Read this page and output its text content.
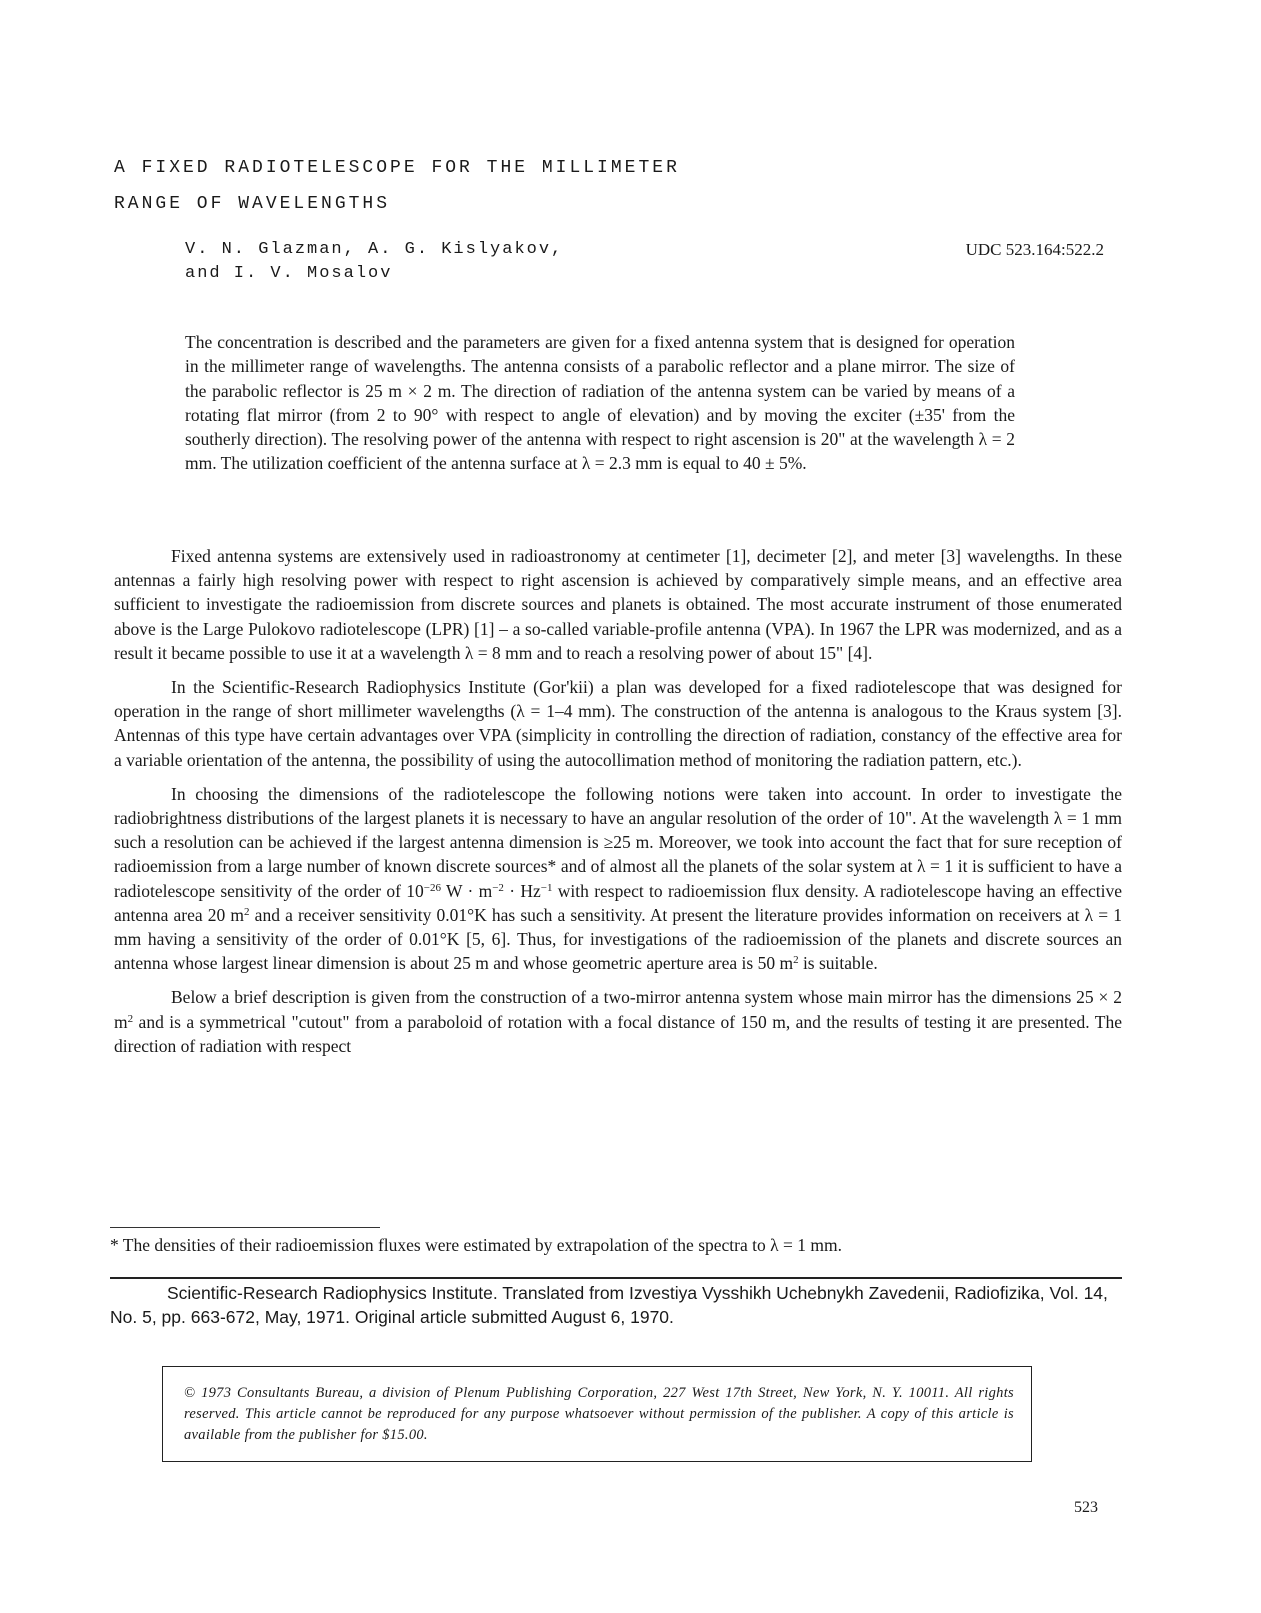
A FIXED RADIOTELESCOPE FOR THE MILLIMETER
RANGE OF WAVELENGTHS
V. N. Glazman, A. G. Kislyakov,
and I. V. Mosalov
UDC 523.164:522.2

The concentration is described and the parameters are given for a fixed antenna system that is designed for operation in the millimeter range of wavelengths. The antenna consists of a parabolic reflector and a plane mirror. The size of the parabolic reflector is 25 m × 2 m. The direction of radiation of the antenna system can be varied by means of a rotating flat mirror (from 2 to 90° with respect to angle of elevation) and by moving the exciter (±35' from the southerly direction). The resolving power of the antenna with respect to right ascension is 20" at the wavelength λ = 2 mm. The utilization coefficient of the antenna surface at λ = 2.3 mm is equal to 40 ± 5%.

Fixed antenna systems are extensively used in radioastronomy at centimeter [1], decimeter [2], and meter [3] wavelengths. In these antennas a fairly high resolving power with respect to right ascension is achieved by comparatively simple means, and an effective area sufficient to investigate the radioemission from discrete sources and planets is obtained. The most accurate instrument of those enumerated above is the Large Pulokovo radiotelescope (LPR) [1] – a so-called variable-profile antenna (VPA). In 1967 the LPR was modernized, and as a result it became possible to use it at a wavelength λ = 8 mm and to reach a resolving power of about 15" [4].

In the Scientific-Research Radiophysics Institute (Gor'kii) a plan was developed for a fixed radiotelescope that was designed for operation in the range of short millimeter wavelengths (λ = 1–4 mm). The construction of the antenna is analogous to the Kraus system [3]. Antennas of this type have certain advantages over VPA (simplicity in controlling the direction of radiation, constancy of the effective area for a variable orientation of the antenna, the possibility of using the autocollimation method of monitoring the radiation pattern, etc.).

In choosing the dimensions of the radiotelescope the following notions were taken into account. In order to investigate the radiobrightness distributions of the largest planets it is necessary to have an angular resolution of the order of 10". At the wavelength λ = 1 mm such a resolution can be achieved if the largest antenna dimension is ≥25 m. Moreover, we took into account the fact that for sure reception of radioemission from a large number of known discrete sources* and of almost all the planets of the solar system at λ = 1 it is sufficient to have a radiotelescope sensitivity of the order of $10^{-26}$ $W \cdot m^{-2} \cdot Hz^{-1}$ with respect to radioemission flux density. A radiotelescope having an effective antenna area 20 $m^2$ and a receiver sensitivity 0.01°K has such a sensitivity. At present the literature provides information on receivers at λ = 1 mm having a sensitivity of the order of 0.01°K [5, 6]. Thus, for investigations of the radioemission of the planets and discrete sources an antenna whose largest linear dimension is about 25 m and whose geometric aperture area is 50 $m^2$ is suitable.

Below a brief description is given from the construction of a two-mirror antenna system whose main mirror has the dimensions 25 × 2 $m^2$ and is a symmetrical "cutout" from a paraboloid of rotation with a focal distance of 150 m, and the results of testing it are presented. The direction of radiation with respect

* The densities of their radioemission fluxes were estimated by extrapolation of the spectra to λ = 1 mm.

Scientific-Research Radiophysics Institute. Translated from Izvestiya Vysshikh Uchebnykh Zavedenii, Radiofizika, Vol. 14, No. 5, pp. 663-672, May, 1971. Original article submitted August 6, 1970.

© 1973 Consultants Bureau, a division of Plenum Publishing Corporation, 227 West 17th Street, New York, N. Y. 10011. All rights reserved. This article cannot be reproduced for any purpose whatsoever without permission of the publisher. A copy of this article is available from the publisher for $15.00.

523
